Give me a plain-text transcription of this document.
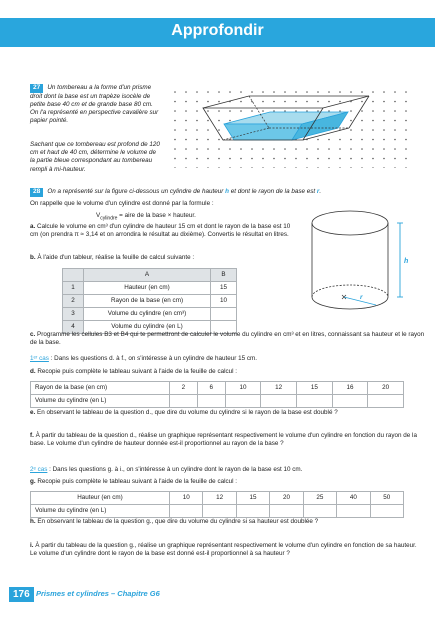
Approfondir
27 Un tombereau a la forme d'un prisme droit dont la base est un trapèze isocèle de petite base 40 cm et de grande base 80 cm. On l'a représenté en perspective cavalière sur papier pointé.
Sachant que ce tombereau est profond de 120 cm et haut de 40 cm, détermine le volume de la partie bleue correspondant au tombereau rempli à mi-hauteur.
28 On a représenté sur la figure ci-dessous un cylindre de hauteur h et dont le rayon de la base est r.
On rappelle que le volume d'un cylindre est donné par la formule :
$V_{cylindre}$ = aire de la base × hauteur.
a. Calcule le volume en cm³ d'un cylindre de hauteur 15 cm et dont le rayon de la base est 10 cm (on prendra π ≈ 3,14 et on arrondira le résultat au dixième). Convertis le résultat en litres.
b. À l'aide d'un tableur, réalise la feuille de calcul suivante :
	A	B
1	Hauteur (en cm)	15
2	Rayon de la base (en cm)	10
3	Volume du cylindre (en cm³)	
4	Volume du cylindre (en L)	
h
r
c. Programme les cellules B3 et B4 qui te permettront de calculer le volume du cylindre en cm³ et en litres, connaissant sa hauteur et le rayon de la base.
1ᵉʳ cas : Dans les questions d. à f., on s'intéresse à un cylindre de hauteur 15 cm.
d. Recopie puis complète le tableau suivant à l'aide de la feuille de calcul :
Rayon de la base (en cm)	2	6	10	12	15	16	20
Volume du cylindre (en L)							
e. En observant le tableau de la question d., que dire du volume du cylindre si le rayon de la base est doublé ?
f. À partir du tableau de la question d., réalise un graphique représentant respectivement le volume d'un cylindre en fonction du rayon de la base. Le volume d'un cylindre de hauteur donnée est-il proportionnel au rayon de la base ?
2ᵉ cas : Dans les questions g. à i., on s'intéresse à un cylindre dont le rayon de la base est 10 cm.
g. Recopie puis complète le tableau suivant à l'aide de la feuille de calcul :
Hauteur (en cm)	10	12	15	20	25	40	50
Volume du cylindre (en L)							
h. En observant le tableau de la question g., que dire du volume du cylindre si sa hauteur est doublée ?
i. À partir du tableau de la question g., réalise un graphique représentant respectivement le volume d'un cylindre en fonction de sa hauteur. Le volume d'un cylindre dont le rayon de la base est donné est-il proportionnel à sa hauteur ?
176 Prismes et cylindres – Chapitre G6
